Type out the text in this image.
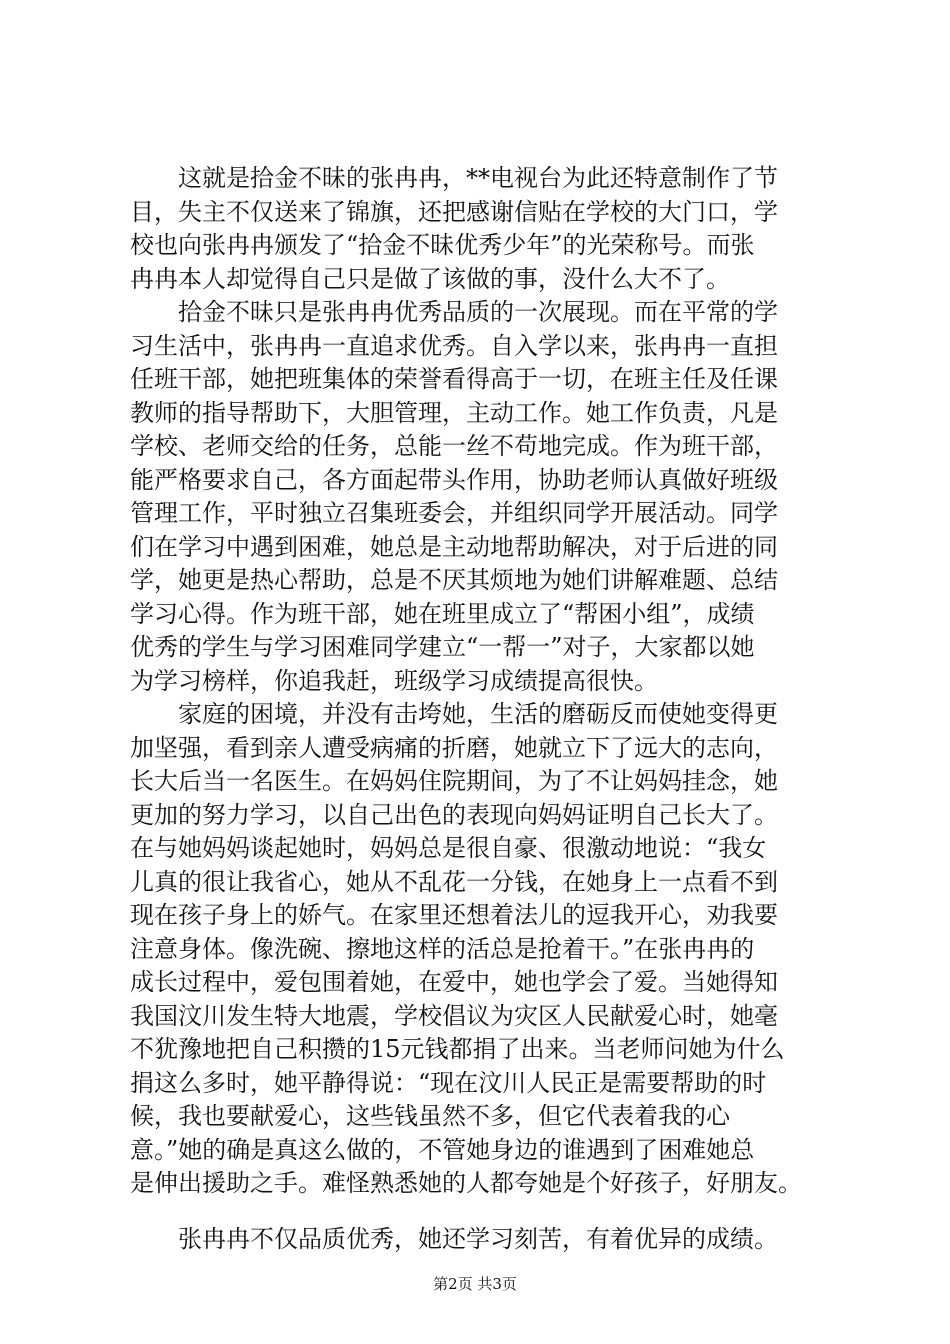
　　这就是拾金不昧的张冉冉，**电视台为此还特意制作了节
目，失主不仅送来了锦旗，还把感谢信贴在学校的大门口，学
校也向张冉冉颁发了“拾金不昧优秀少年”的光荣称号。而张
冉冉本人却觉得自己只是做了该做的事，没什么大不了。
　　拾金不昧只是张冉冉优秀品质的一次展现。而在平常的学
习生活中，张冉冉一直追求优秀。自入学以来，张冉冉一直担
任班干部，她把班集体的荣誉看得高于一切，在班主任及任课
教师的指导帮助下，大胆管理，主动工作。她工作负责，凡是
学校、老师交给的任务，总能一丝不苟地完成。作为班干部，
能严格要求自己，各方面起带头作用，协助老师认真做好班级
管理工作，平时独立召集班委会，并组织同学开展活动。同学
们在学习中遇到困难，她总是主动地帮助解决，对于后进的同
学，她更是热心帮助，总是不厌其烦地为她们讲解难题、总结
学习心得。作为班干部，她在班里成立了“帮困小组”，成绩
优秀的学生与学习困难同学建立“一帮一”对子，大家都以她
为学习榜样，你追我赶，班级学习成绩提高很快。
　　家庭的困境，并没有击垮她，生活的磨砺反而使她变得更
加坚强，看到亲人遭受病痛的折磨，她就立下了远大的志向，
长大后当一名医生。在妈妈住院期间，为了不让妈妈挂念，她
更加的努力学习，以自己出色的表现向妈妈证明自己长大了。
在与她妈妈谈起她时，妈妈总是很自豪、很激动地说：“我女
儿真的很让我省心，她从不乱花一分钱，在她身上一点看不到
现在孩子身上的娇气。在家里还想着法儿的逗我开心，劝我要
注意身体。像洗碗、擦地这样的活总是抢着干。”在张冉冉的
成长过程中，爱包围着她，在爱中，她也学会了爱。当她得知
我国汶川发生特大地震，学校倡议为灾区人民献爱心时，她毫
不犹豫地把自己积攒的15元钱都捐了出来。当老师问她为什么
捐这么多时，她平静得说：“现在汶川人民正是需要帮助的时
候，我也要献爱心，这些钱虽然不多，但它代表着我的心
意。”她的确是真这么做的，不管她身边的谁遇到了困难她总
是伸出援助之手。难怪熟悉她的人都夸她是个好孩子，好朋友。
　　张冉冉不仅品质优秀，她还学习刻苦，有着优异的成绩。
第2页 共3页
